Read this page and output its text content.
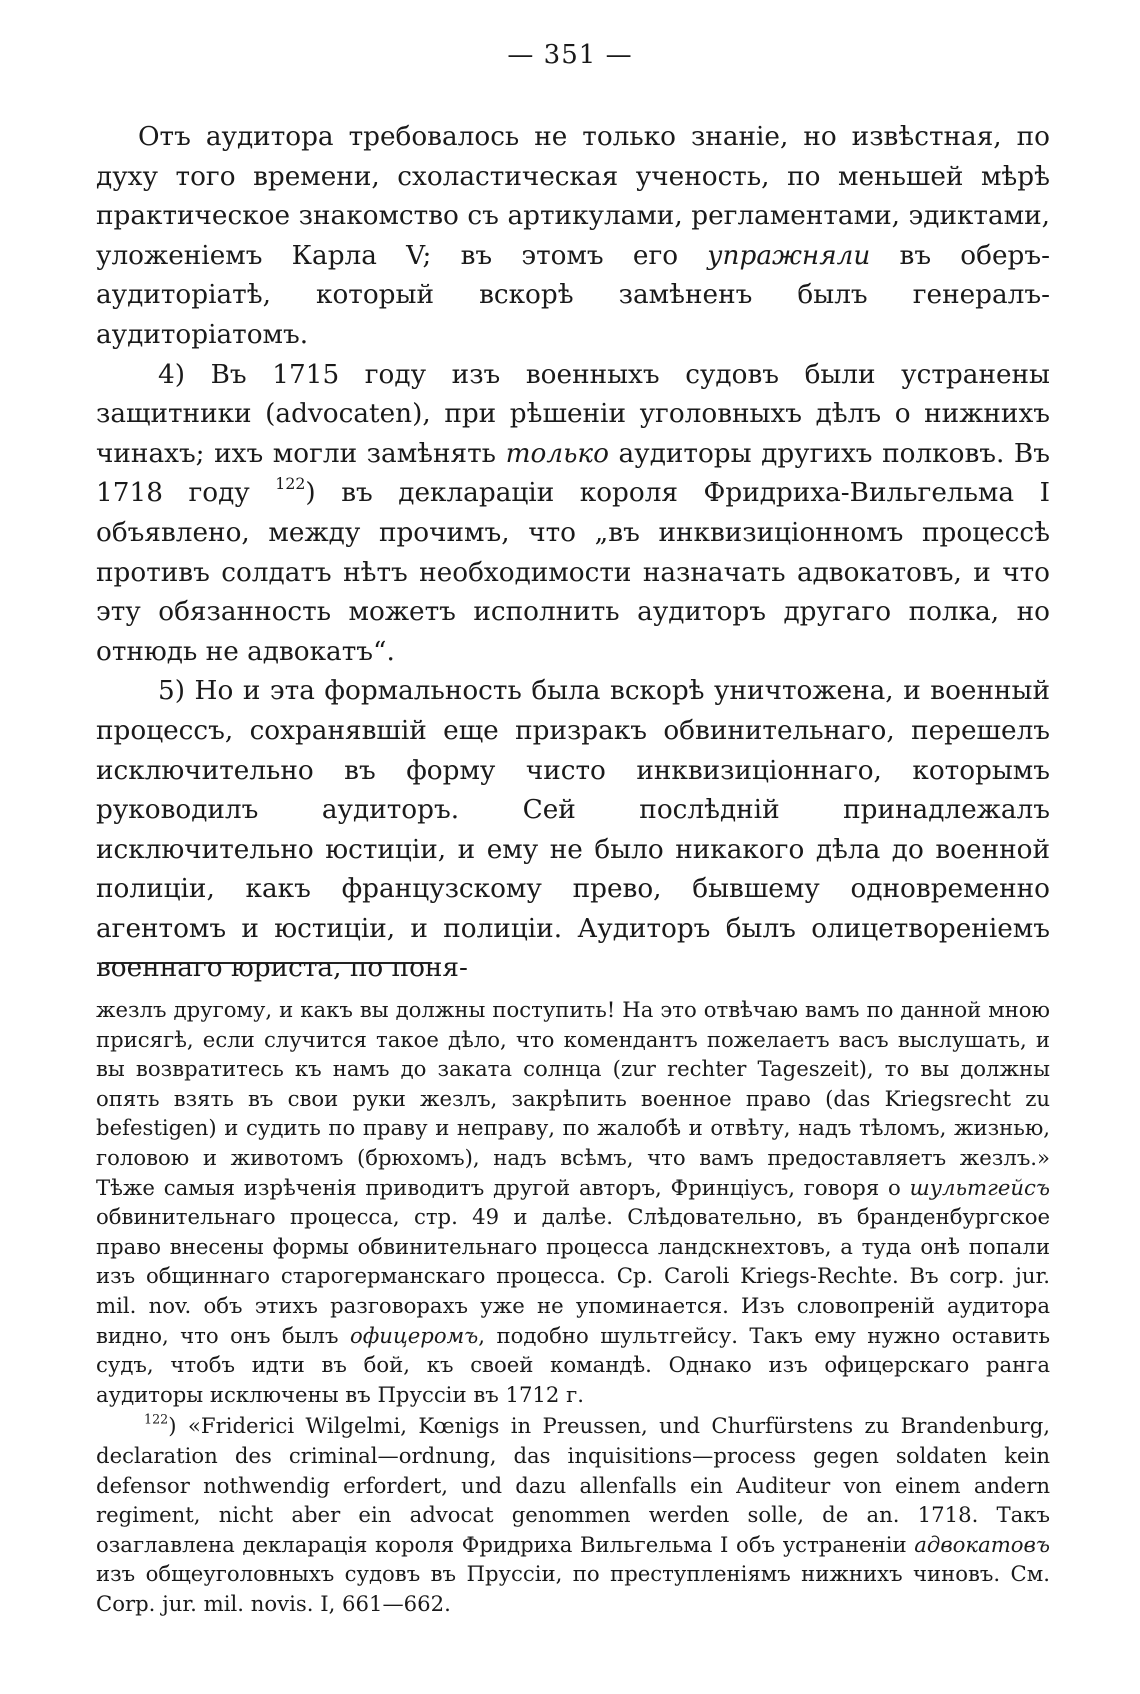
— 351 —

Отъ аудитора требовалось не только знанiе, но извѣстная, по духу того времени, схоластическая ученость, по меньшей мѣрѣ практическое знакомство съ артикулами, регламентами, эдиктами, уложенiемъ Карла V; въ этомъ его упражняли въ оберъ-аудиторiатѣ, который вскорѣ замѣненъ былъ генералъ-аудиторiатомъ.

4) Въ 1715 году изъ военныхъ судовъ были устранены защитники (advocaten), при рѣшенiи уголовныхъ дѣлъ о нижнихъ чинахъ; ихъ могли замѣнять только аудиторы другихъ полковъ. Въ 1718 году $^{122}$) въ декларацiи короля Фридриха-Вильгельма I объявлено, между прочимъ, что „въ инквизицiонномъ процессѣ противъ солдатъ нѣтъ необходимости назначать адвокатовъ, и что эту обязанность можетъ исполнить аудиторъ другаго полка, но отнюдь не адвокатъ“.

5) Но и эта формальность была вскорѣ уничтожена, и военный процессъ, сохранявшiй еще призракъ обвинительнаго, перешелъ исключительно въ форму чисто инквизицiоннаго, которымъ руководилъ аудиторъ. Сей послѣднiй принадлежалъ исключительно юстицiи, и ему не было никакого дѣла до военной полицiи, какъ французскому прево, бывшему одновременно агентомъ и юстицiи, и полицiи. Аудиторъ былъ олицетворенiемъ военнаго юриста, по поня-

жезлъ другому, и какъ вы должны поступить! На это отвѣчаю вамъ по данной мною присягѣ, если случится такое дѣло, что комендантъ пожелаетъ васъ выслушать, и вы возвратитесь къ намъ до заката солнца (zur rechter Tageszeit), то вы должны опять взять въ свои руки жезлъ, закрѣпить военное право (das Kriegsrecht zu befestigen) и судить по праву и неправу, по жалобѣ и отвѣту, надъ тѣломъ, жизнью, головою и животомъ (брюхомъ), надъ всѣмъ, что вамъ предоставляетъ жезлъ.» Тѣже самыя изрѣченiя приводитъ другой авторъ, Фринцiусъ, говоря о шультгейсъ обвинительнаго процесса, стр. 49 и далѣе. Слѣдовательно, въ бранденбургское право внесены формы обвинительнаго процесса ландскнехтовъ, а туда онѣ попали изъ общиннаго старогерманскаго процесса. Cp. Caroli Kriegs-Rechte. Въ corp. jur. mil. nov. объ этихъ разговорахъ уже не упоминается. Изъ словопренiй аудитора видно, что онъ былъ офицеромъ, подобно шультгейсу. Такъ ему нужно оставить судъ, чтобъ идти въ бой, къ своей командѣ. Однако изъ офицерскаго ранга аудиторы исключены въ Пруссiи въ 1712 г.

$^{122}$) «Friderici Wilgelmi, Kœnigs in Preussen, und Churfürstens zu Brandenburg, declaration des criminal—ordnung, das inquisitions—process gegen soldaten kein defensor nothwendig erfordert, und dazu allenfalls ein Auditeur von einem andern regiment, nicht aber ein advocat genommen werden solle, de an. 1718. Такъ озаглавлена декларацiя короля Фридриха Вильгельма I объ устраненiи адвокатовъ изъ общеуголовныхъ судовъ въ Пруссiи, по преступленiямъ нижнихъ чиновъ. См. Corp. jur. mil. novis. I, 661—662.
